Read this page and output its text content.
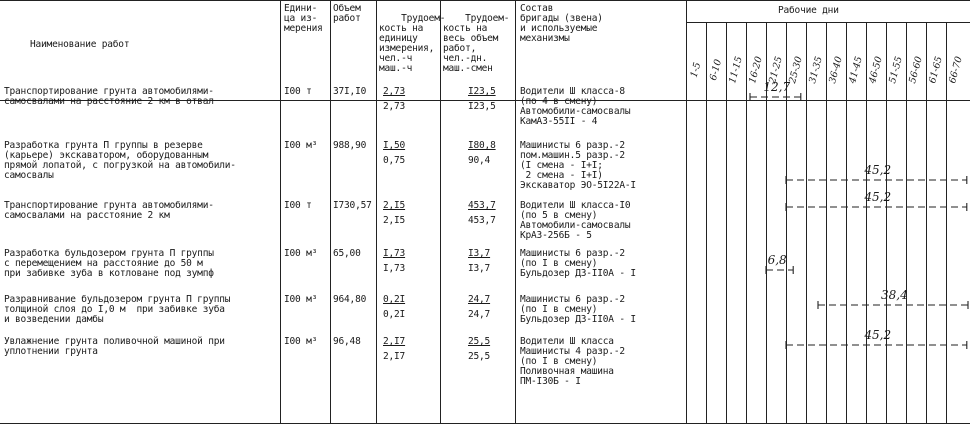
Наименование работ
Едини-
ца из-
мерения
Объем
работ	Трудоем-
кость на
единицу
измерения,
чел.-ч
маш.-ч

Трудоем-
кость на
весь объем
работ,
чел.-дн.
маш.-смен

Состав
бригады (звена)
и используемые
механизмы
Рабочие дни
1-5 6-10 11-15 16-20 21-25 25-30 31-35 36-40 41-45 46-50 51-55 56-60 61-65 66-70
Транспортирование грунта автомобилями-
самосвалами на расстояние 2 км в отвал
I00 т 37I,I0 2,73
2,73
I23,5
I23,5
Водители Ш класса-8
(по 4 в смену)
Автомобили-самосвалы
КамАЗ-55II - 4
Разработка грунта П группы в резерве
(карьере) экскаватором, оборудованным
прямой лопатой, с погрузкой на автомобили-
самосвалы
I00 м³ 988,90 I,50
0,75
I80,8
90,4
Машинисты 6 разр.-2
пом.машин.5 разр.-2
(I смена - I+I;
2 смена - I+I)
Экскаватор ЭО-5I22А-I
Транспортирование грунта автомобилями-
самосвалами на расстояние 2 км
I00 т I730,57 2,I5
2,I5
453,7
453,7
Водители Ш класса-I0
(по 5 в смену)
Автомобили-самосвалы
КрАЗ-256Б - 5
Разработка бульдозером грунта П группы
с перемещением на расстояние до 50 м
при забивке зуба в котловане под зумпф
I00 м³ 65,00 I,73
I,73
I3,7
I3,7
Машинисты 6 разр.-2
(по I в смену)
Бульдозер ДЗ-II0А - I
Разравнивание бульдозером грунта П группы
толщиной слоя до I,0 м  при забивке зуба
и возведении дамбы
I00 м³ 964,80 0,2I
0,2I
24,7
24,7
Машинисты 6 разр.-2
(по I в смену)
Бульдозер ДЗ-II0А - I
Увлажнение грунта поливочной машиной при
уплотнении грунта
I00 м³ 96,48 2,I7
2,I7
25,5
25,5
Водители Ш класса
Машинисты 4 разр.-2
(по I в смену)
Поливочная машина
ПМ-I30Б - I
12,7
45,2
45,2
6,8
38,4
45,2
